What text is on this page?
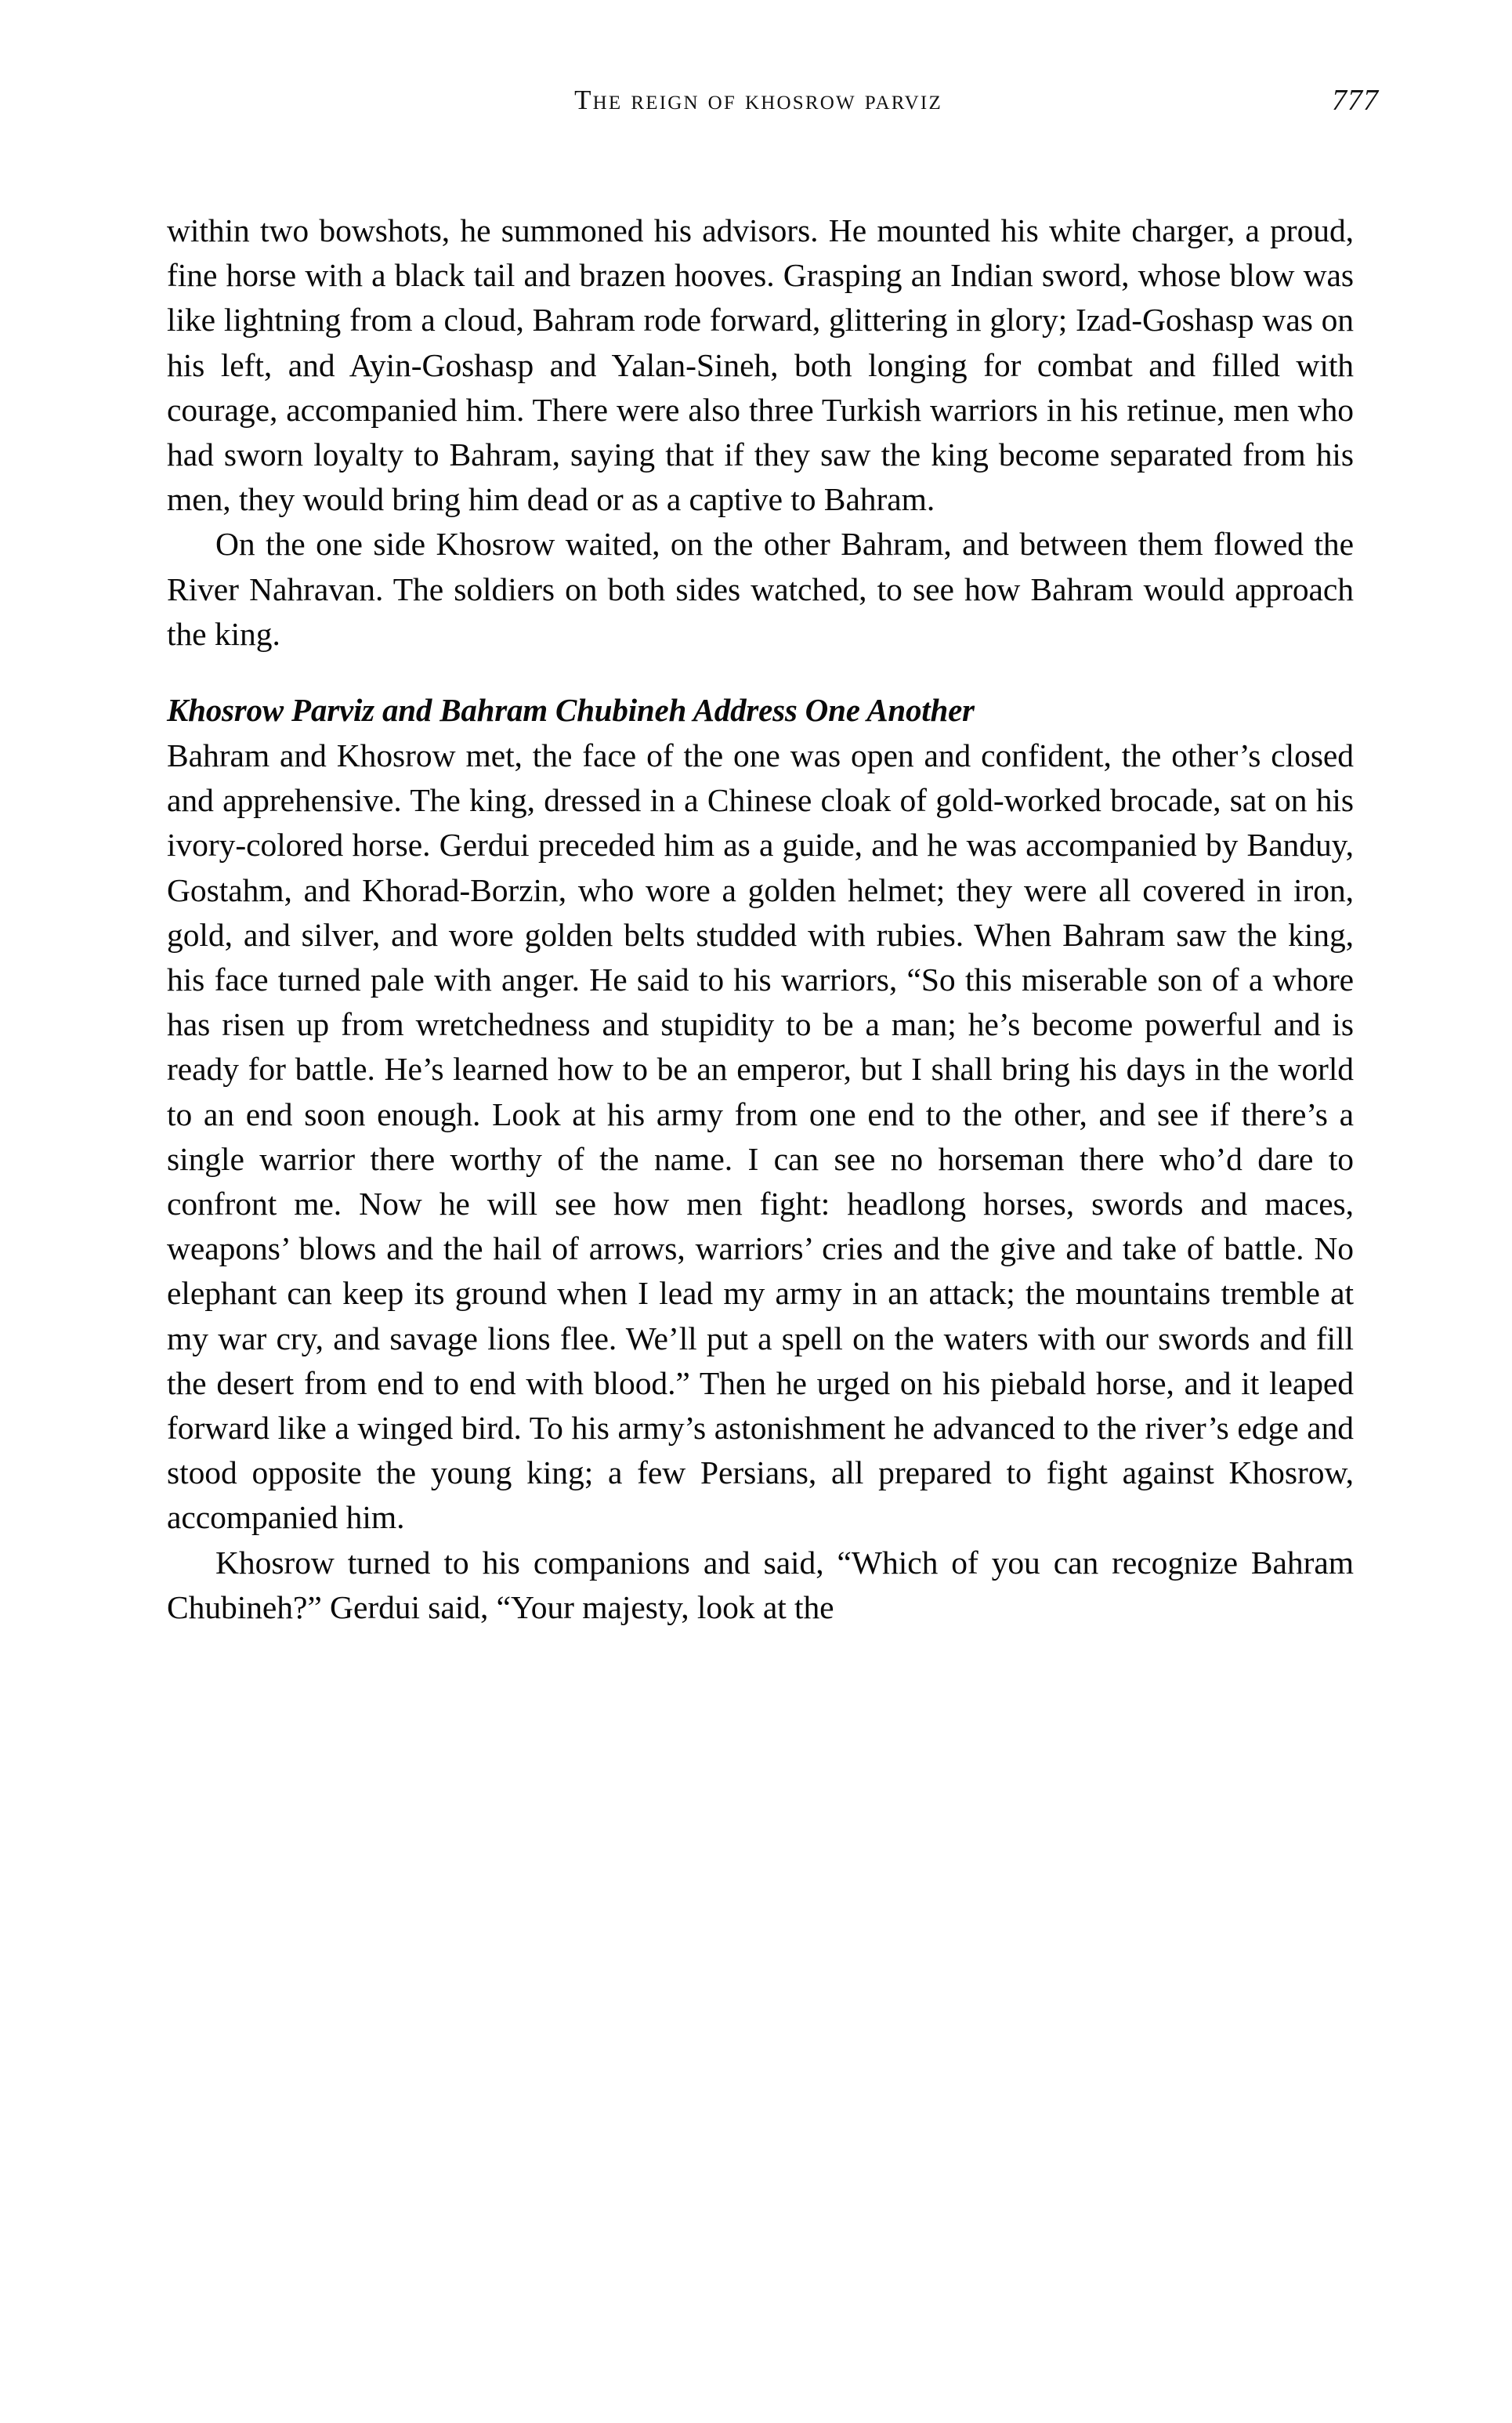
The reign of khosrow parviz	777

within two bowshots, he summoned his advisors. He mounted his white charger, a proud, fine horse with a black tail and brazen hooves. Grasping an Indian sword, whose blow was like lightning from a cloud, Bahram rode forward, glittering in glory; Izad-Goshasp was on his left, and Ayin-Goshasp and Yalan-Sineh, both longing for combat and filled with courage, accompanied him. There were also three Turkish warriors in his retinue, men who had sworn loyalty to Bahram, saying that if they saw the king become separated from his men, they would bring him dead or as a captive to Bahram.

On the one side Khosrow waited, on the other Bahram, and between them flowed the River Nahravan. The soldiers on both sides watched, to see how Bahram would approach the king.

Khosrow Parviz and Bahram Chubineh Address One Another

Bahram and Khosrow met, the face of the one was open and confident, the other’s closed and apprehensive. The king, dressed in a Chinese cloak of gold-worked brocade, sat on his ivory-colored horse. Gerdui preceded him as a guide, and he was accompanied by Banduy, Gostahm, and Khorad-Borzin, who wore a golden helmet; they were all covered in iron, gold, and silver, and wore golden belts studded with rubies. When Bahram saw the king, his face turned pale with anger. He said to his warriors, “So this miserable son of a whore has risen up from wretchedness and stupidity to be a man; he’s become powerful and is ready for battle. He’s learned how to be an emperor, but I shall bring his days in the world to an end soon enough. Look at his army from one end to the other, and see if there’s a single warrior there worthy of the name. I can see no horseman there who’d dare to confront me. Now he will see how men fight: headlong horses, swords and maces, weapons’ blows and the hail of arrows, warriors’ cries and the give and take of battle. No elephant can keep its ground when I lead my army in an attack; the mountains tremble at my war cry, and savage lions flee. We’ll put a spell on the waters with our swords and fill the desert from end to end with blood.” Then he urged on his piebald horse, and it leaped forward like a winged bird. To his army’s astonishment he advanced to the river’s edge and stood opposite the young king; a few Persians, all prepared to fight against Khosrow, accompanied him.

Khosrow turned to his companions and said, “Which of you can recognize Bahram Chubineh?” Gerdui said, “Your majesty, look at the
